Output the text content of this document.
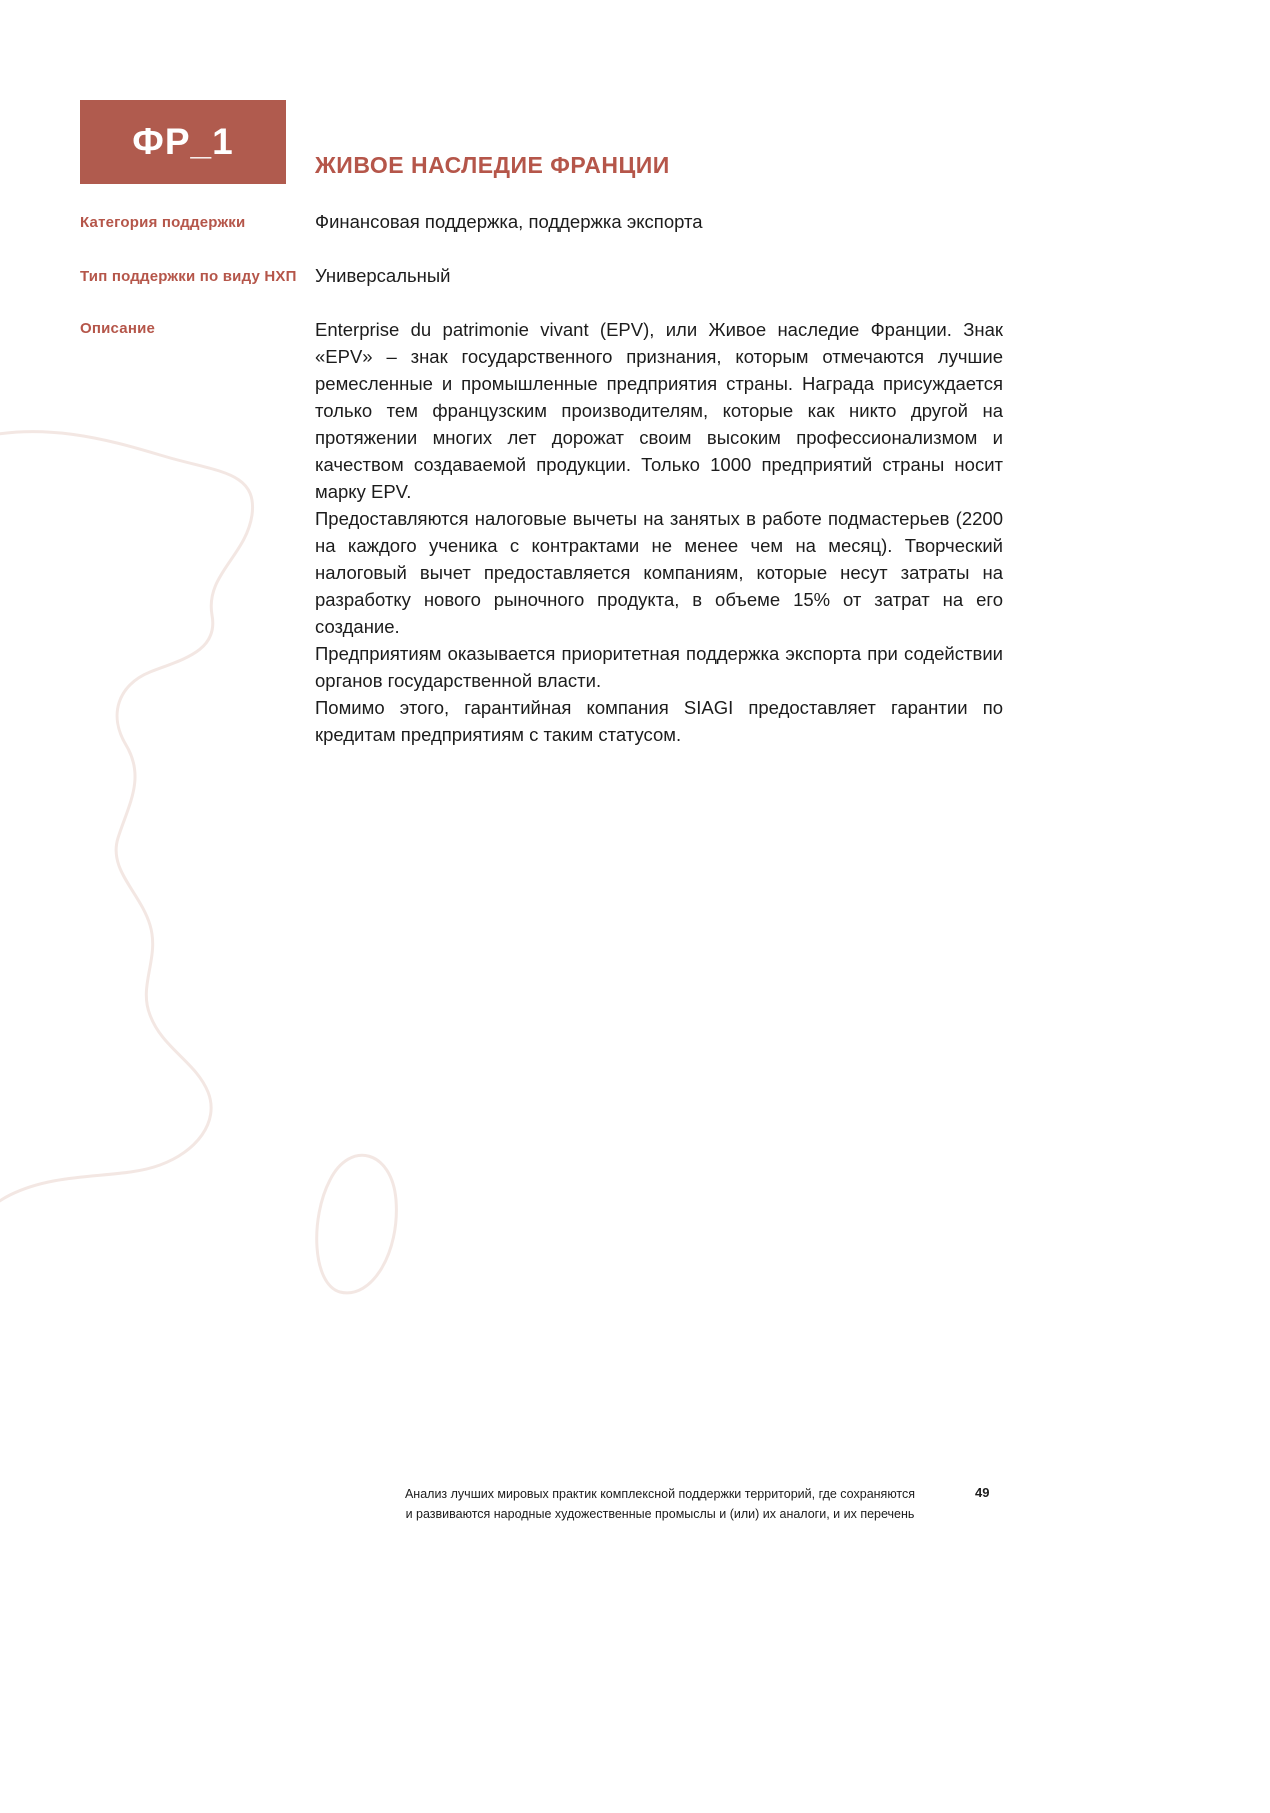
ФР_1
ЖИВОЕ НАСЛЕДИЕ ФРАНЦИИ
Категория поддержки	Финансовая поддержка, поддержка экспорта
Тип поддержки по виду НХП Универсальный
Описание	Enterprise du patrimonie vivant (EPV), или Живое наследие Франции. Знак «EPV» – знак государственного признания, которым отмечаются лучшие ремесленные и промышленные предприятия страны. Награда присуждается только тем французским производителям, которые как никто другой на протяжении многих лет дорожат своим высоким профессионализмом и качеством создаваемой продукции. Только 1000 предприятий страны носит марку EPV.

Предоставляются налоговые вычеты на занятых в работе подмастерьев (2200 на каждого ученика с контрактами не менее чем на месяц). Творческий налоговый вычет предоставляется компаниям, которые несут затраты на разработку нового рыночного продукта, в объеме 15% от затрат на его создание.

Предприятиям оказывается приоритетная поддержка экспорта при содействии органов государственной власти.

Помимо этого, гарантийная компания SIAGI предоставляет гарантии по кредитам предприятиям с таким статусом.

Анализ лучших мировых практик комплексной поддержки территорий, где сохраняются
и развиваются народные художественные промыслы и (или) их аналоги, и их перечень
49
